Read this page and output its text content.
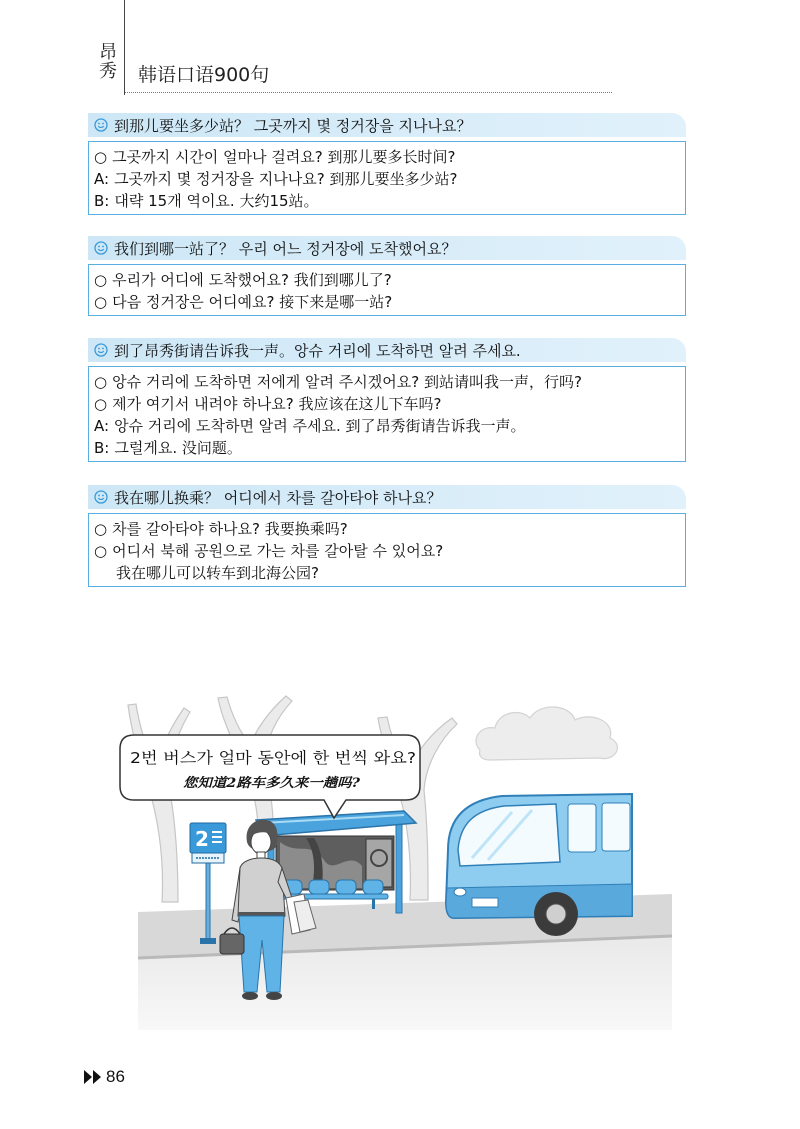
昂秀 韩语口语900句
到那儿要坐多少站？ 그곳까지 몇 정거장을 지나나요？
○ 그곳까지 시간이 얼마나 걸려요? 到那儿要多长时间?
A: 그곳까지 몇 정거장을 지나나요? 到那儿要坐多少站?
B: 대략 15개 역이요. 大约15站。
我们到哪一站了？ 우리 어느 정거장에 도착했어요？
○ 우리가 어디에 도착했어요? 我们到哪儿了?
○ 다음 정거장은 어디예요? 接下来是哪一站?
到了昂秀街请告诉我一声。앙슈 거리에 도착하면 알려 주세요.
○ 앙슈 거리에 도착하면 저에게 알려 주시겠어요? 到站请叫我一声，行吗?
○ 제가 여기서 내려야 하나요? 我应该在这儿下车吗?
A: 앙슈 거리에 도착하면 알려 주세요. 到了昂秀街请告诉我一声。
B: 그럴게요. 没问题。
我在哪儿换乘？ 어디에서 차를 갈아타야 하나요？
○ 차를 갈아타야 하나요? 我要换乘吗?
○ 어디서 북해 공원으로 가는 차를 갈아탈 수 있어요?
我在哪儿可以转车到北海公园?
2
2번 버스가 얼마 동안에 한 번씩 와요?
您知道2路车多久来一趟吗?
86
